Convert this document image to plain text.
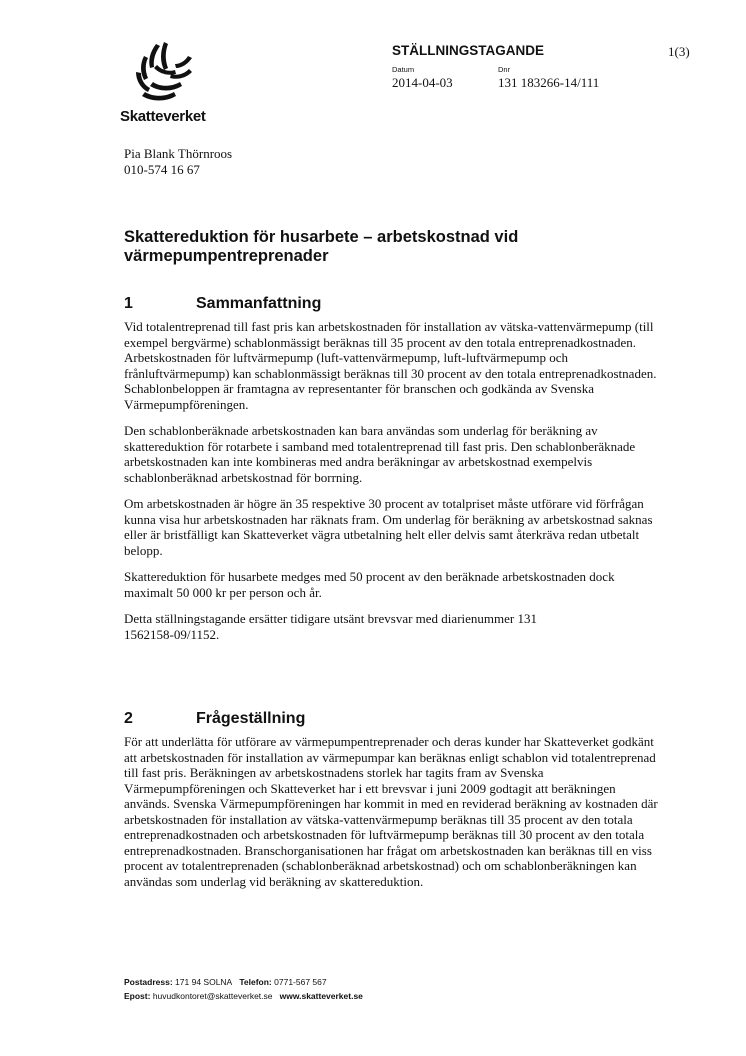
Skatteverket
STÄLLNINGSTAGANDE	1(3)
Datum
2014-04-03
Dnr
131 183266-14/111
Pia Blank Thörnroos
010-574 16 67
Skattereduktion för husarbete – arbetskostnad vid
värmepumpentreprenader
1	Sammanfattning

Vid totalentreprenad till fast pris kan arbetskostnaden för installation av vätska-vattenvärmepump (till exempel bergvärme) schablonmässigt beräknas till 35 procent av den totala entreprenadkostnaden. Arbetskostnaden för luftvärmepump (luft-vattenvärmepump, luft-luftvärmepump och frånluftvärmepump) kan schablonmässigt beräknas till 30 procent av den totala entreprenadkostnaden. Schablonbeloppen är framtagna av representanter för branschen och godkända av Svenska Värmepumpföreningen.

Den schablonberäknade arbetskostnaden kan bara användas som underlag för beräkning av skattereduktion för rotarbete i samband med totalentreprenad till fast pris. Den schablonberäknade arbetskostnaden kan inte kombineras med andra beräkningar av arbetskostnad exempelvis schablonberäknad arbetskostnad för borrning.

Om arbetskostnaden är högre än 35 respektive 30 procent av totalpriset måste utförare vid förfrågan kunna visa hur arbetskostnaden har räknats fram. Om underlag för beräkning av arbetskostnad saknas eller är bristfälligt kan Skatteverket vägra utbetalning helt eller delvis samt återkräva redan utbetalt belopp.

Skattereduktion för husarbete medges med 50 procent av den beräknade arbetskostnaden dock maximalt 50 000 kr per person och år.

Detta ställningstagande ersätter tidigare utsänt brevsvar med diarienummer 131 1562158-09/1152.

2	Frågeställning

För att underlätta för utförare av värmepumpentreprenader och deras kunder har Skatteverket godkänt att arbetskostnaden för installation av värmepumpar kan beräknas enligt schablon vid totalentreprenad till fast pris. Beräkningen av arbetskostnadens storlek har tagits fram av Svenska Värmepumpföreningen och Skatteverket har i ett brevsvar i juni 2009 godtagit att beräkningen används. Svenska Värmepumpföreningen har kommit in med en reviderad beräkning av kostnaden där arbetskostnaden för installation av vätska-vattenvärmepump beräknas till 35 procent av den totala entreprenadkostnaden och arbetskostnaden för luftvärmepump beräknas till 30 procent av den totala entreprenadkostnaden. Branschorganisationen har frågat om arbetskostnaden kan beräknas till en viss procent av totalentreprenaden (schablonberäknad arbetskostnad) och om schablonberäkningen kan användas som underlag vid beräkning av skattereduktion.

Postadress: 171 94 SOLNA Telefon: 0771-567 567
Epost: huvudkontoret@skatteverket.se www.skatteverket.se
